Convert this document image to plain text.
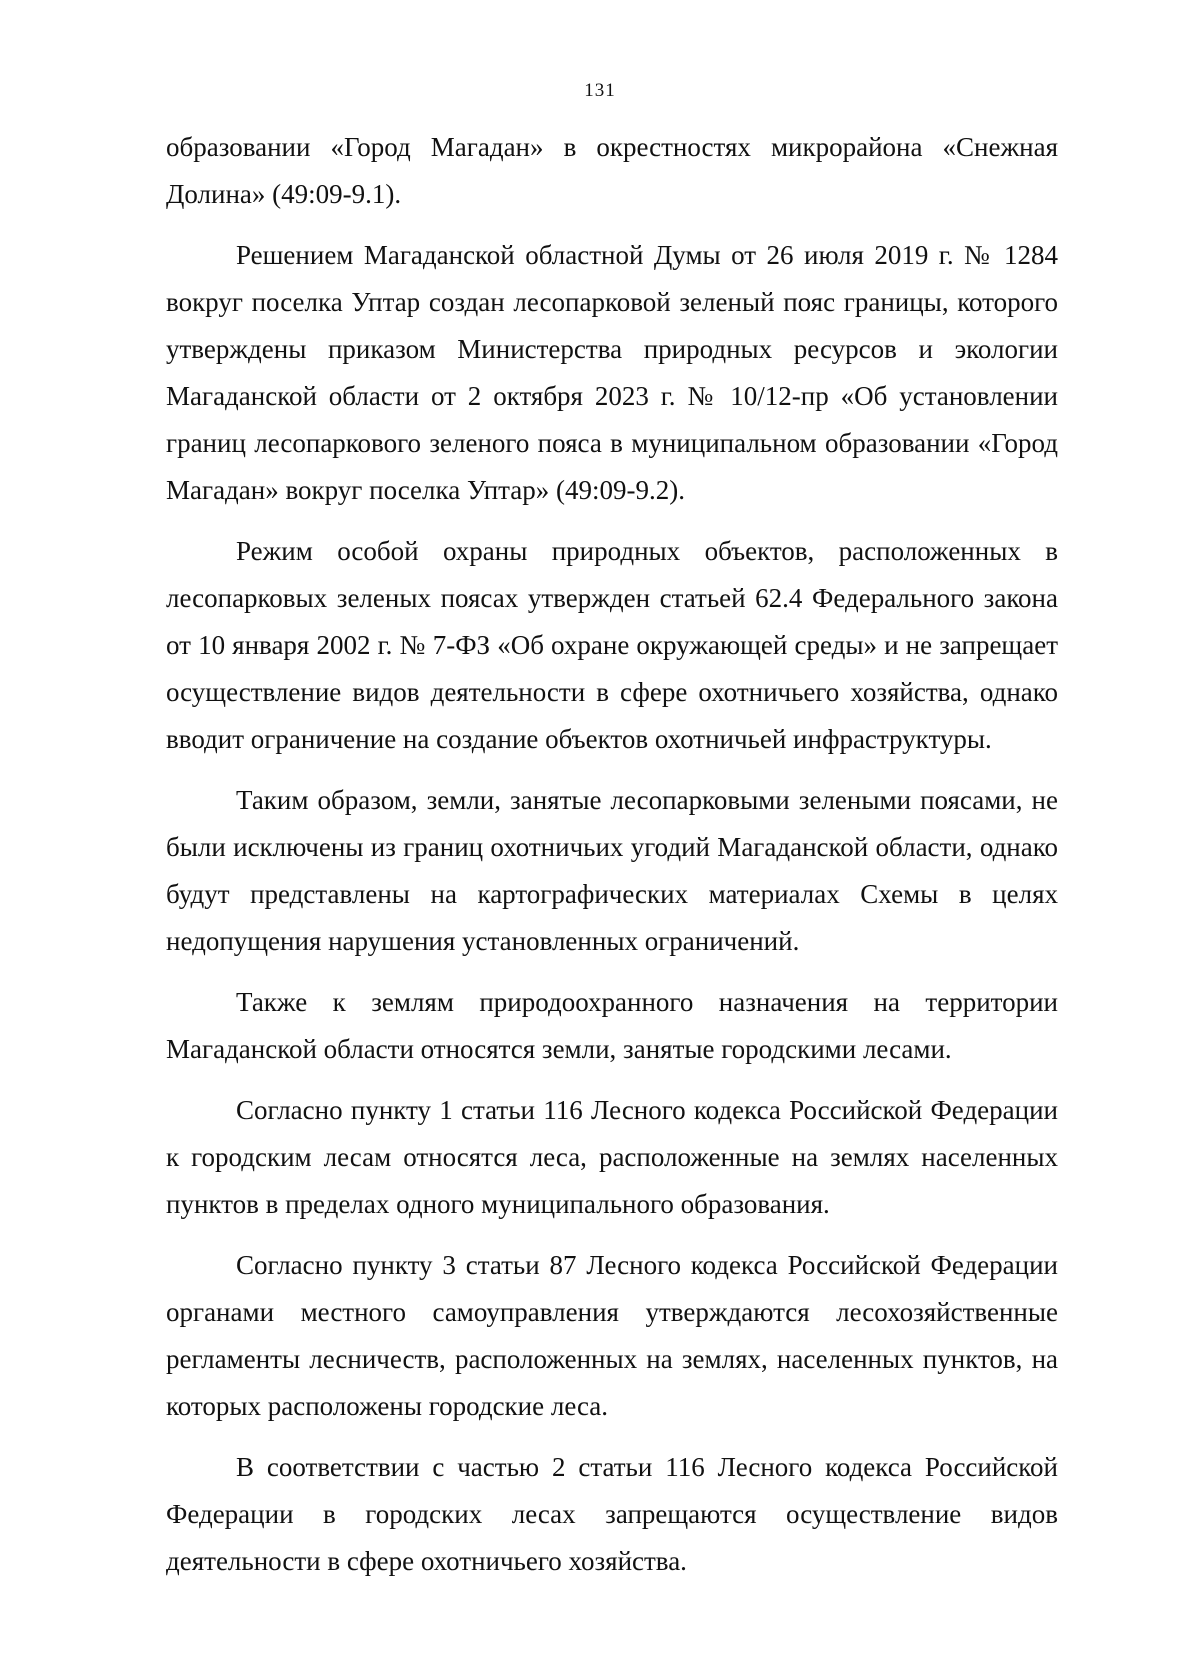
131

образовании «Город Магадан» в окрестностях микрорайона «Снежная Долина» (49:09-9.1).

Решением Магаданской областной Думы от 26 июля 2019 г. № 1284 вокруг поселка Уптар создан лесопарковой зеленый пояс границы, которого утверждены приказом Министерства природных ресурсов и экологии Магаданской области от 2 октября 2023 г. № 10/12-пр «Об установлении границ лесопаркового зеленого пояса в муниципальном образовании «Город Магадан» вокруг поселка Уптар» (49:09-9.2).

Режим особой охраны природных объектов, расположенных в лесопарковых зеленых поясах утвержден статьей 62.4 Федерального закона от 10 января 2002 г. № 7-ФЗ «Об охране окружающей среды» и не запрещает осуществление видов деятельности в сфере охотничьего хозяйства, однако вводит ограничение на создание объектов охотничьей инфраструктуры.

Таким образом, земли, занятые лесопарковыми зелеными поясами, не были исключены из границ охотничьих угодий Магаданской области, однако будут представлены на картографических материалах Схемы в целях недопущения нарушения установленных ограничений.

Также к землям природоохранного назначения на территории Магаданской области относятся земли, занятые городскими лесами.

Согласно пункту 1 статьи 116 Лесного кодекса Российской Федерации к городским лесам относятся леса, расположенные на землях населенных пунктов в пределах одного муниципального образования.

Согласно пункту 3 статьи 87 Лесного кодекса Российской Федерации органами местного самоуправления утверждаются лесохозяйственные регламенты лесничеств, расположенных на землях, населенных пунктов, на которых расположены городские леса.

В соответствии с частью 2 статьи 116 Лесного кодекса Российской Федерации в городских лесах запрещаются осуществление видов деятельности в сфере охотничьего хозяйства.
